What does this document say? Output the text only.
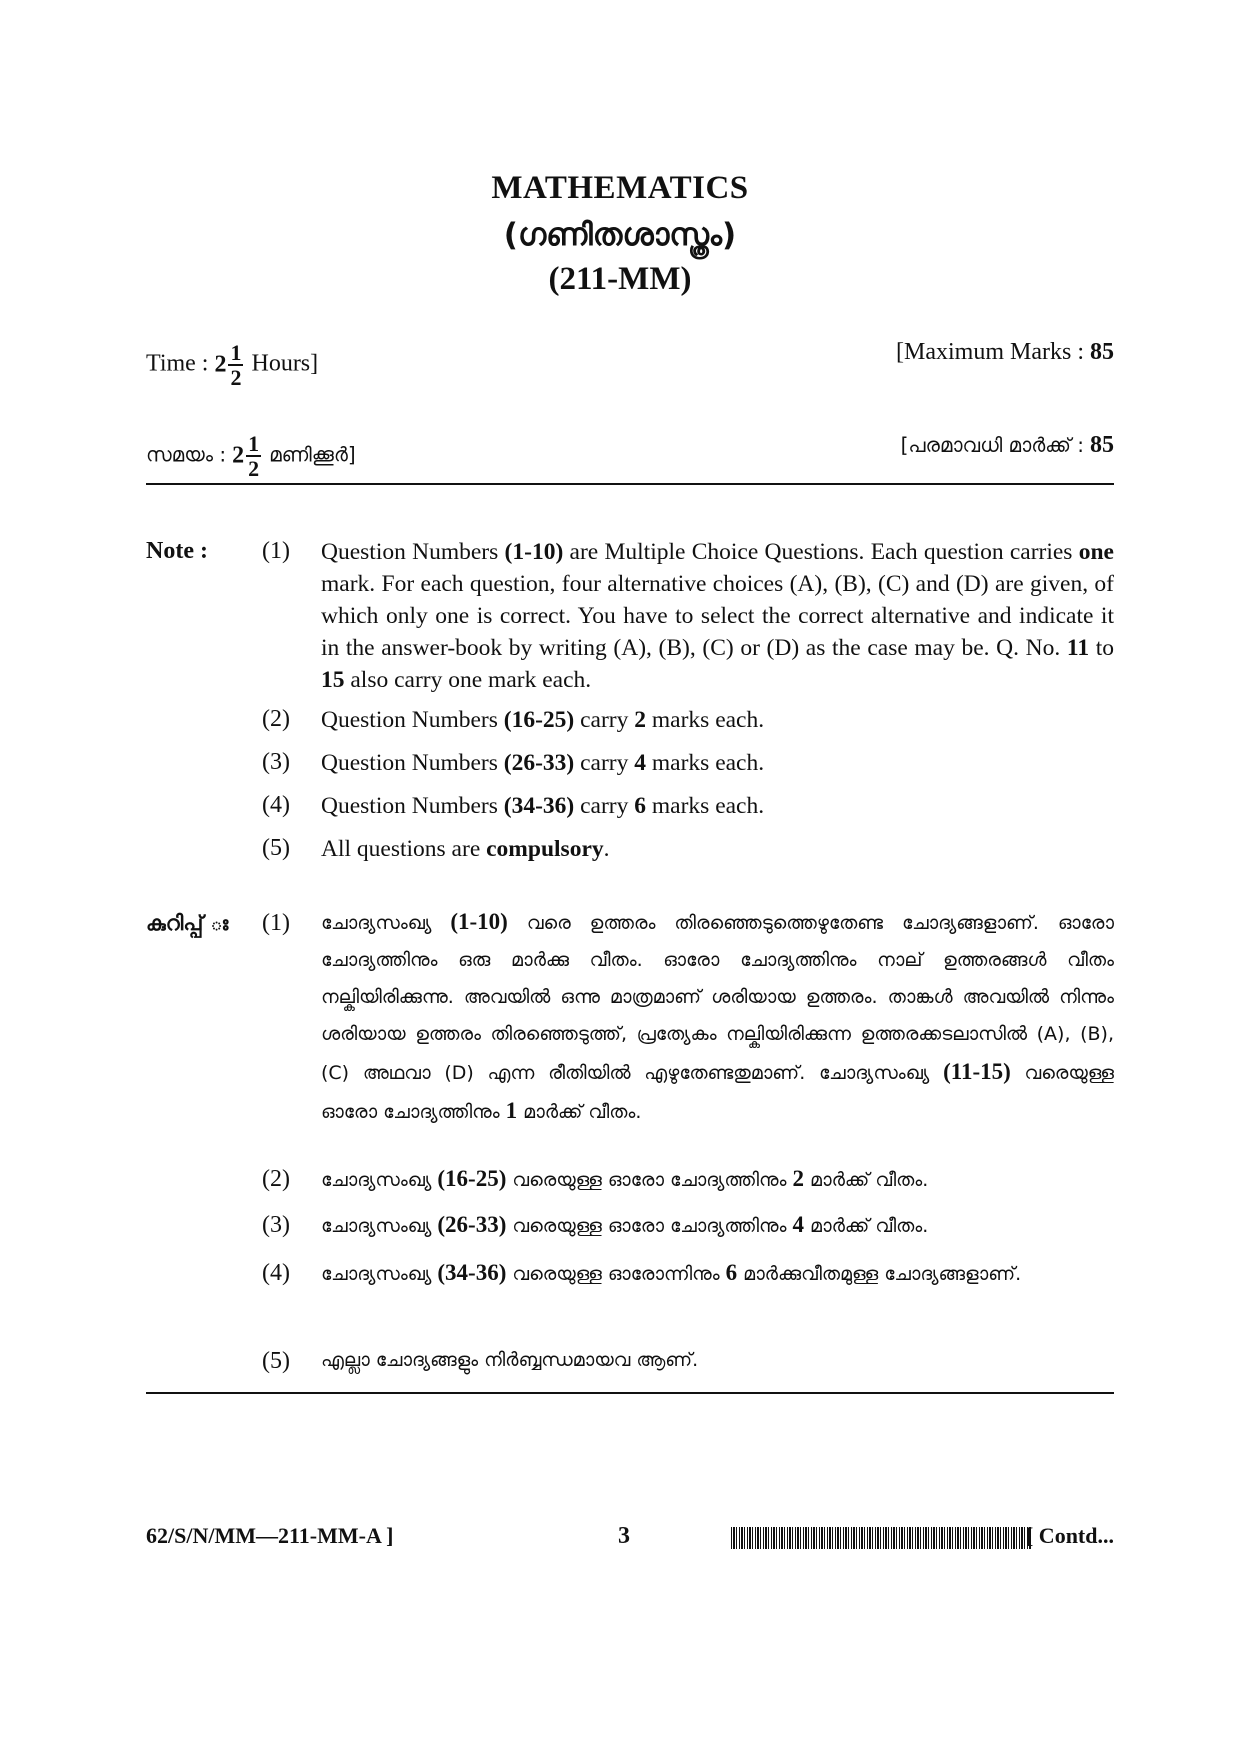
MATHEMATICS
(ഗണിതശാസ്ത്രം)
(211-MM)
Time : $2 \frac{1}{2}$ Hours]	[Maximum Marks : 85
സമയം : $2 \frac{1}{2}$ മണിക്കൂർ]	[പരമാവധി മാർക്ക് : 85
Note : (1) Question Numbers (1-10) are Multiple Choice Questions. Each question carries one mark. For each question, four alternative choices (A), (B), (C) and (D) are given, of which only one is correct. You have to select the correct alternative and indicate it in the answer-book by writing (A), (B), (C) or (D) as the case may be. Q. No. 11 to 15 also carry one mark each.
(2) Question Numbers (16-25) carry 2 marks each.
(3) Question Numbers (26-33) carry 4 marks each.
(4) Question Numbers (34-36) carry 6 marks each.
(5) All questions are compulsory.
കുറിപ്പ് ః (1) ചോദ്യസംഖ്യ (1-10) വരെ ഉത്തരം തിരഞ്ഞെടുത്തെഴുതേണ്ട ചോദ്യങ്ങളാണ്. ഓരോ ചോദ്യത്തിനും ഒരു മാർക്കു വീതം. ഓരോ ചോദ്യത്തിനും നാല് ഉത്തരങ്ങൾ വീതം നല്കിയിരിക്കുന്നു. അവയിൽ ഒന്നു മാത്രമാണ് ശരിയായ ഉത്തരം. താങ്കൾ അവയിൽ നിന്നും ശരിയായ ഉത്തരം തിരഞ്ഞെടുത്ത്, പ്രത്യേകം നല്കിയിരിക്കുന്ന ഉത്തരക്കടലാസിൽ (A), (B), (C) അഥവാ (D) എന്ന രീതിയിൽ എഴുതേണ്ടതുമാണ്. ചോദ്യസംഖ്യ (11-15) വരെയുള്ള ഓരോ ചോദ്യത്തിനും 1 മാർക്ക് വീതം.
(2) ചോദ്യസംഖ്യ (16-25) വരെയുള്ള ഓരോ ചോദ്യത്തിനും 2 മാർക്ക് വീതം.
(3) ചോദ്യസംഖ്യ (26-33) വരെയുള്ള ഓരോ ചോദ്യത്തിനും 4 മാർക്ക് വീതം.
(4) ചോദ്യസംഖ്യ (34-36) വരെയുള്ള ഓരോന്നിനും 6 മാർക്കുവീതമുള്ള ചോദ്യങ്ങളാണ്.
(5) എല്ലാ ചോദ്യങ്ങളും നിർബ്ബന്ധമായവ ആണ്.
62/S/N/MM—211-MM-A ]	3	[ Contd...
